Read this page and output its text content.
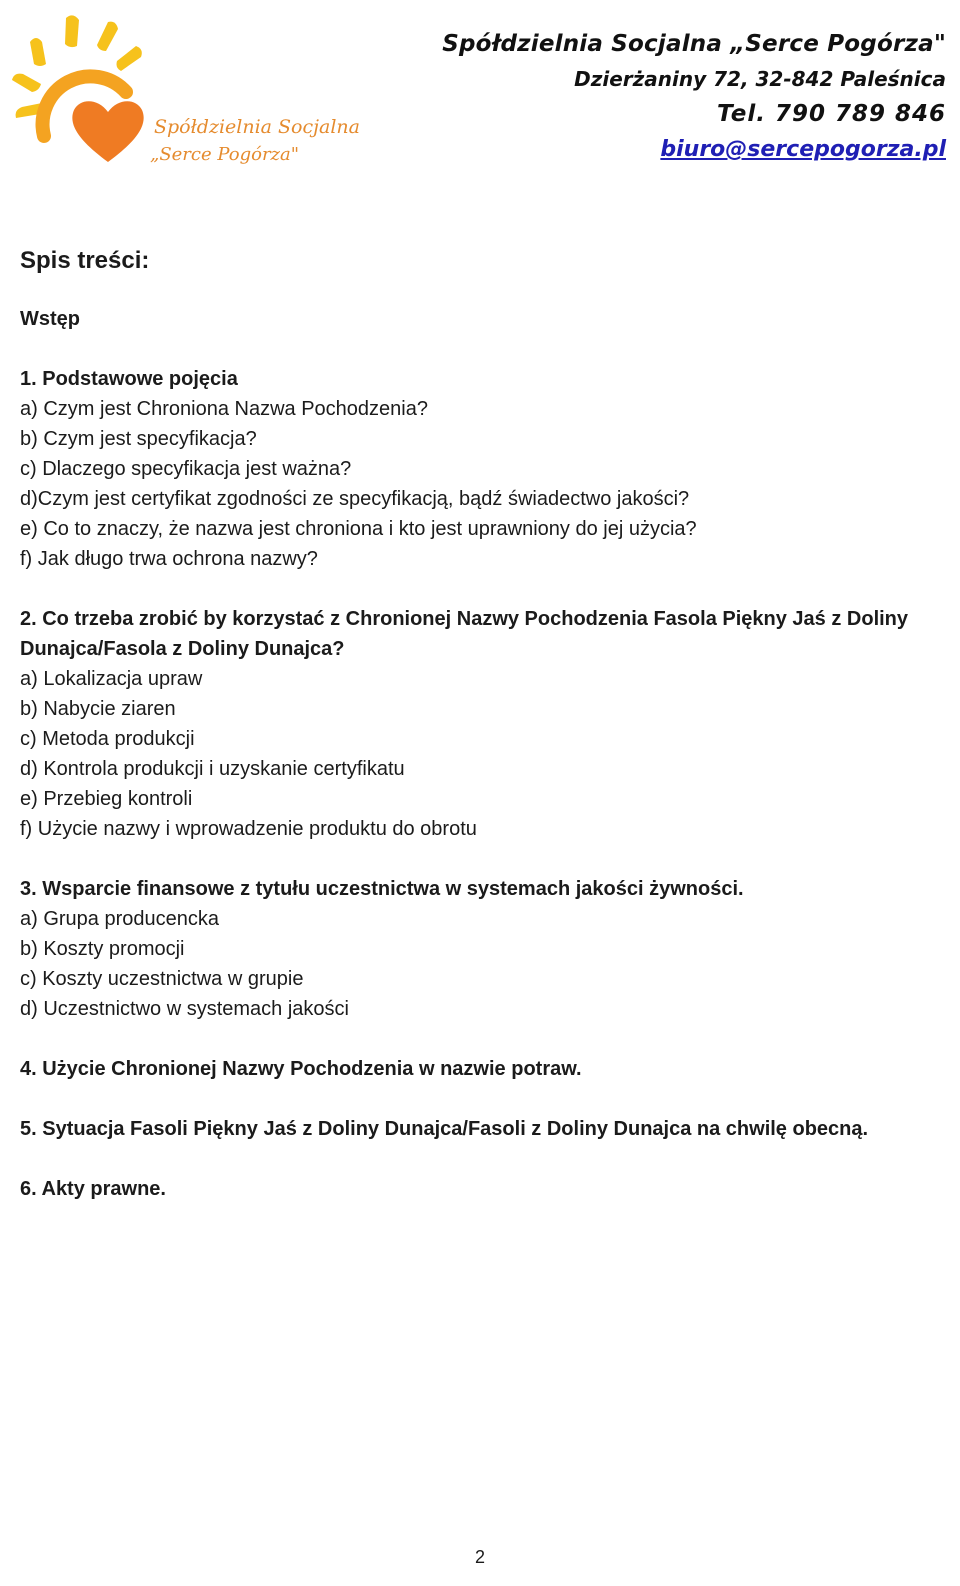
Spółdzielnia Socjalna
„Serce Pogórza"
Spółdzielnia Socjalna „Serce Pogórza"
Dzierżaniny 72, 32-842 Paleśnica
Tel. 790 789 846
biuro@sercepogorza.pl
Spis treści:
Wstęp
1. Podstawowe pojęcia
a) Czym jest Chroniona Nazwa Pochodzenia?
b) Czym jest specyfikacja?
c) Dlaczego specyfikacja jest ważna?
d)Czym jest certyfikat zgodności ze specyfikacją, bądź świadectwo jakości?
e) Co to znaczy, że nazwa jest chroniona i kto jest uprawniony do jej użycia?
f) Jak długo trwa ochrona nazwy?
2. Co trzeba zrobić by korzystać z Chronionej Nazwy Pochodzenia Fasola Piękny Jaś z Doliny Dunajca/Fasola z Doliny Dunajca?
a) Lokalizacja upraw
b) Nabycie ziaren
c) Metoda produkcji
d) Kontrola produkcji i uzyskanie certyfikatu
e) Przebieg kontroli
f) Użycie nazwy i wprowadzenie produktu do obrotu
3. Wsparcie finansowe z tytułu uczestnictwa w systemach jakości żywności.
a) Grupa producencka
b) Koszty promocji
c) Koszty uczestnictwa w grupie
d) Uczestnictwo w systemach jakości
4. Użycie Chronionej Nazwy Pochodzenia w nazwie potraw.
5. Sytuacja Fasoli Piękny Jaś z Doliny Dunajca/Fasoli z Doliny Dunajca na chwilę obecną.
6. Akty prawne.
2
